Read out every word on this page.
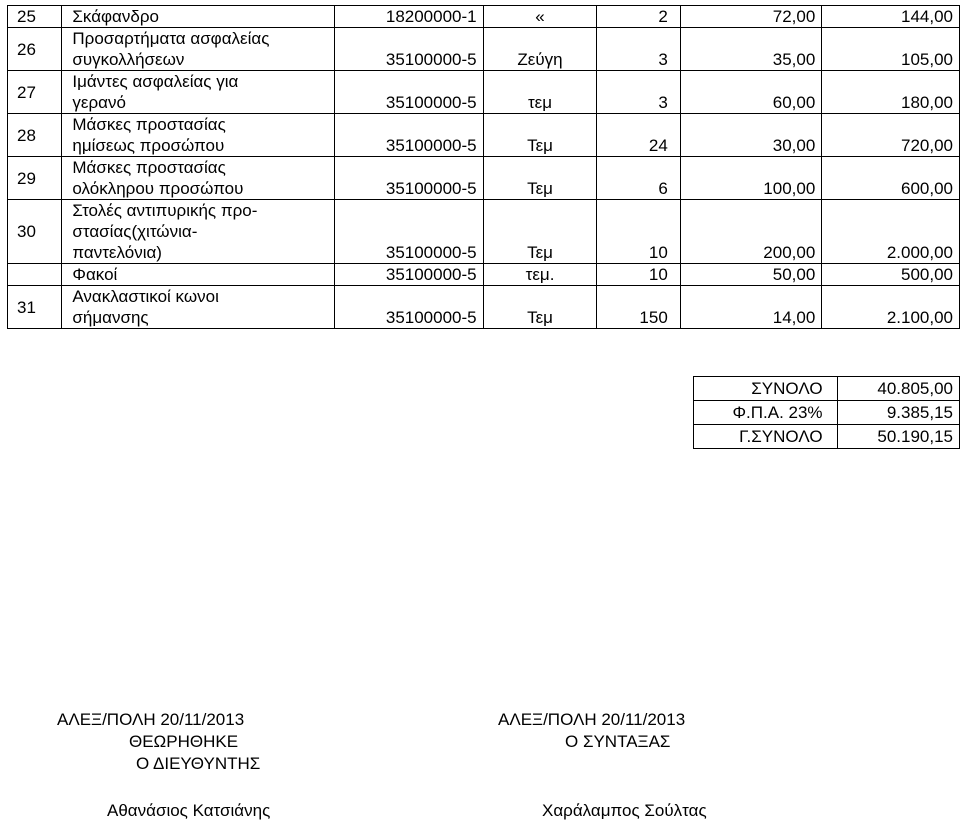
25	Σκάφανδρο	18200000-1	«	2	72,00	144,00
26	Προσαρτήματα ασφαλείας
συγκολλήσεων	35100000-5	Ζεύγη	3	35,00	105,00
27	Ιμάντες ασφαλείας για
γερανό	35100000-5	τεμ	3	60,00	180,00
28	Μάσκες προστασίας
ημίσεως προσώπου	35100000-5	Τεμ	24	30,00	720,00
29	Μάσκες προστασίας
ολόκληρου προσώπου	35100000-5	Τεμ	6	100,00	600,00
30	Στολές αντιπυρικής προ-
στασίας(χιτώνια-
παντελόνια)	35100000-5	Τεμ	10	200,00	2.000,00

	Φακοί	35100000-5	τεμ.	10	50,00	500,00
31	Ανακλαστικοί κωνοι
σήμανσης	35100000-5	Τεμ	150	14,00	2.100,00
ΣΥΝΟΛΟ	40.805,00
Φ.Π.Α. 23%	9.385,15
Γ.ΣΥΝΟΛΟ	50.190,15
ΑΛΕΞ/ΠΟΛΗ 20/11/2013
ΘΕΩΡΗΘΗΚΕ
Ο ΔΙΕΥΘΥΝΤΗΣ
Αθανάσιος Κατσιάνης
ΑΛΕΞ/ΠΟΛΗ 20/11/2013
Ο ΣΥΝΤΑΞΑΣ
Χαράλαμπος Σούλτας
